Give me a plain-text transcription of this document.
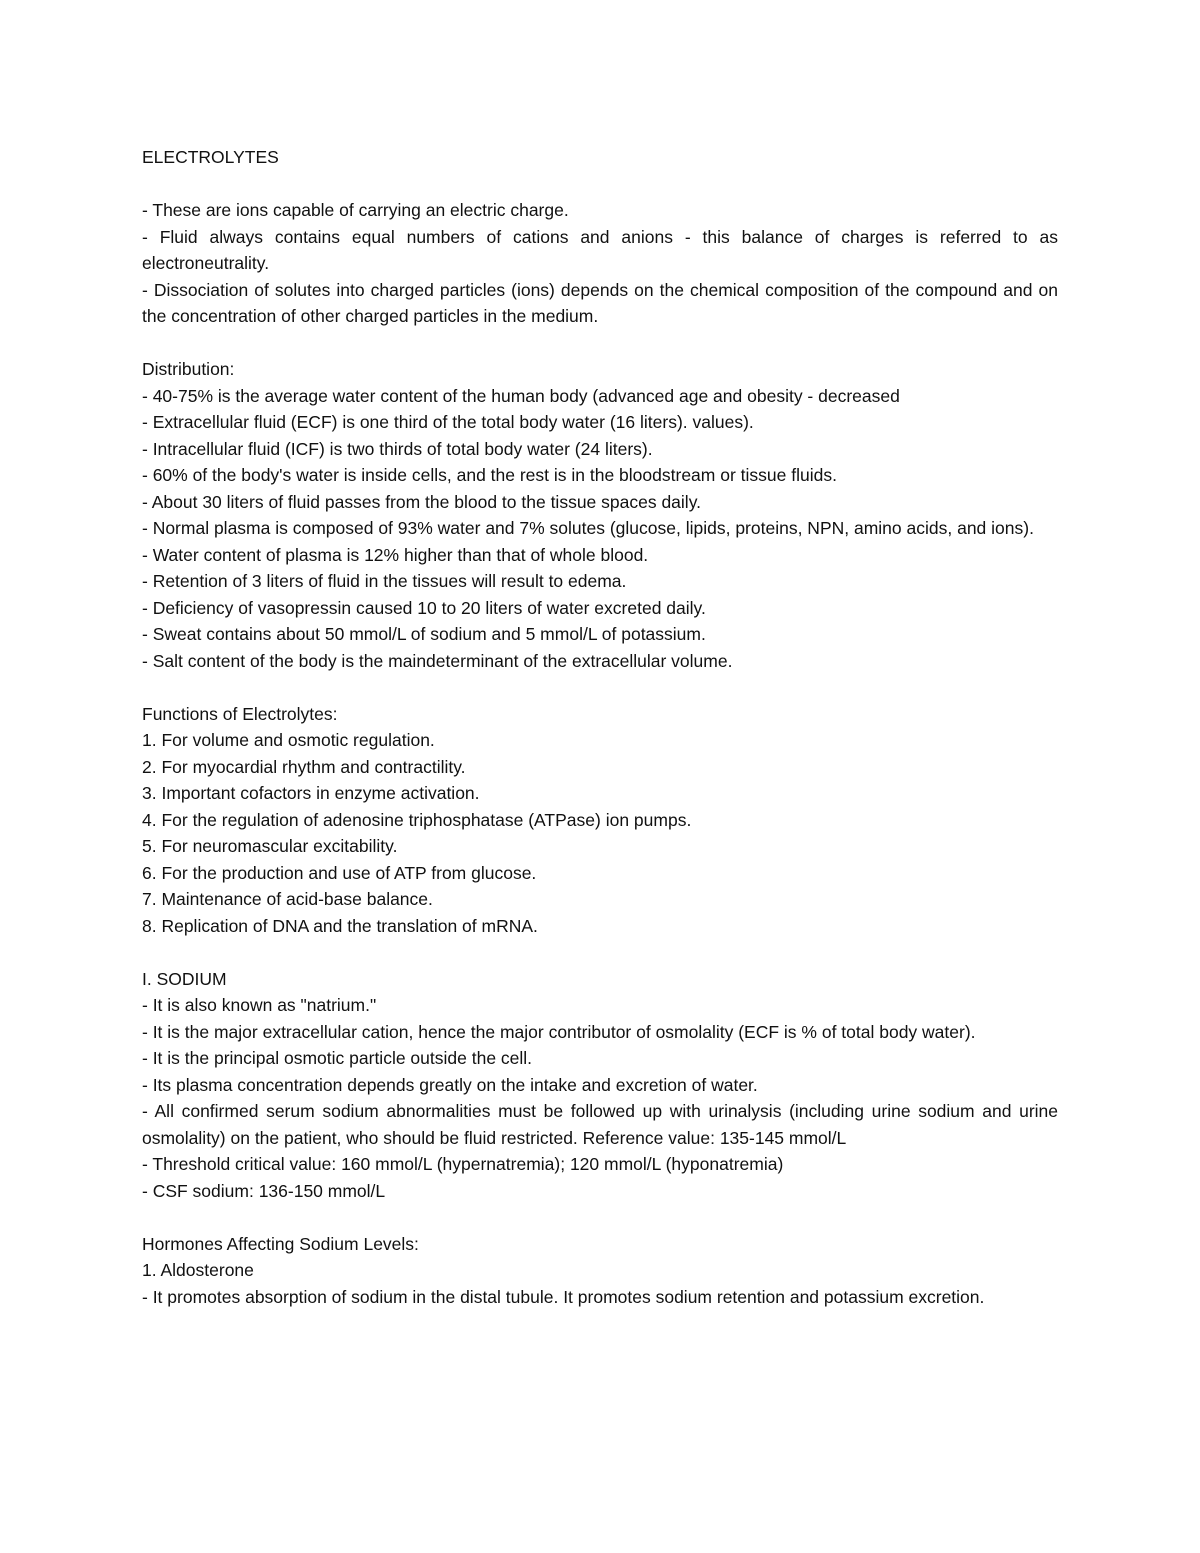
ELECTROLYTES
- These are ions capable of carrying an electric charge.
- Fluid always contains equal numbers of cations and anions - this balance of charges is referred to as electroneutrality.
- Dissociation of solutes into charged particles (ions) depends on the chemical composition of the compound and on the concentration of other charged particles in the medium.
Distribution:
- 40-75% is the average water content of the human body (advanced age and obesity - decreased
- Extracellular fluid (ECF) is one third of the total body water (16 liters). values).
- Intracellular fluid (ICF) is two thirds of total body water (24 liters).
- 60% of the body's water is inside cells, and the rest is in the bloodstream or tissue fluids.
- About 30 liters of fluid passes from the blood to the tissue spaces daily.
- Normal plasma is composed of 93% water and 7% solutes (glucose, lipids, proteins, NPN, amino acids, and ions).
- Water content of plasma is 12% higher than that of whole blood.
- Retention of 3 liters of fluid in the tissues will result to edema.
- Deficiency of vasopressin caused 10 to 20 liters of water excreted daily.
- Sweat contains about 50 mmol/L of sodium and 5 mmol/L of potassium.
- Salt content of the body is the maindeterminant of the extracellular volume.
Functions of Electrolytes:
1. For volume and osmotic regulation.
2. For myocardial rhythm and contractility.
3. Important cofactors in enzyme activation.
4. For the regulation of adenosine triphosphatase (ATPase) ion pumps.
5. For neuromascular excitability.
6. For the production and use of ATP from glucose.
7. Maintenance of acid-base balance.
8. Replication of DNA and the translation of mRNA.
I. SODIUM
- It is also known as "natrium."
- It is the major extracellular cation, hence the major contributor of osmolality (ECF is % of total body water).
- It is the principal osmotic particle outside the cell.
- Its plasma concentration depends greatly on the intake and excretion of water.
- All confirmed serum sodium abnormalities must be followed up with urinalysis (including urine sodium and urine osmolality) on the patient, who should be fluid restricted. Reference value: 135-145 mmol/L
- Threshold critical value: 160 mmol/L (hypernatremia); 120 mmol/L (hyponatremia)
- CSF sodium: 136-150 mmol/L
Hormones Affecting Sodium Levels:
1. Aldosterone
- It promotes absorption of sodium in the distal tubule. It promotes sodium retention and potassium excretion.
